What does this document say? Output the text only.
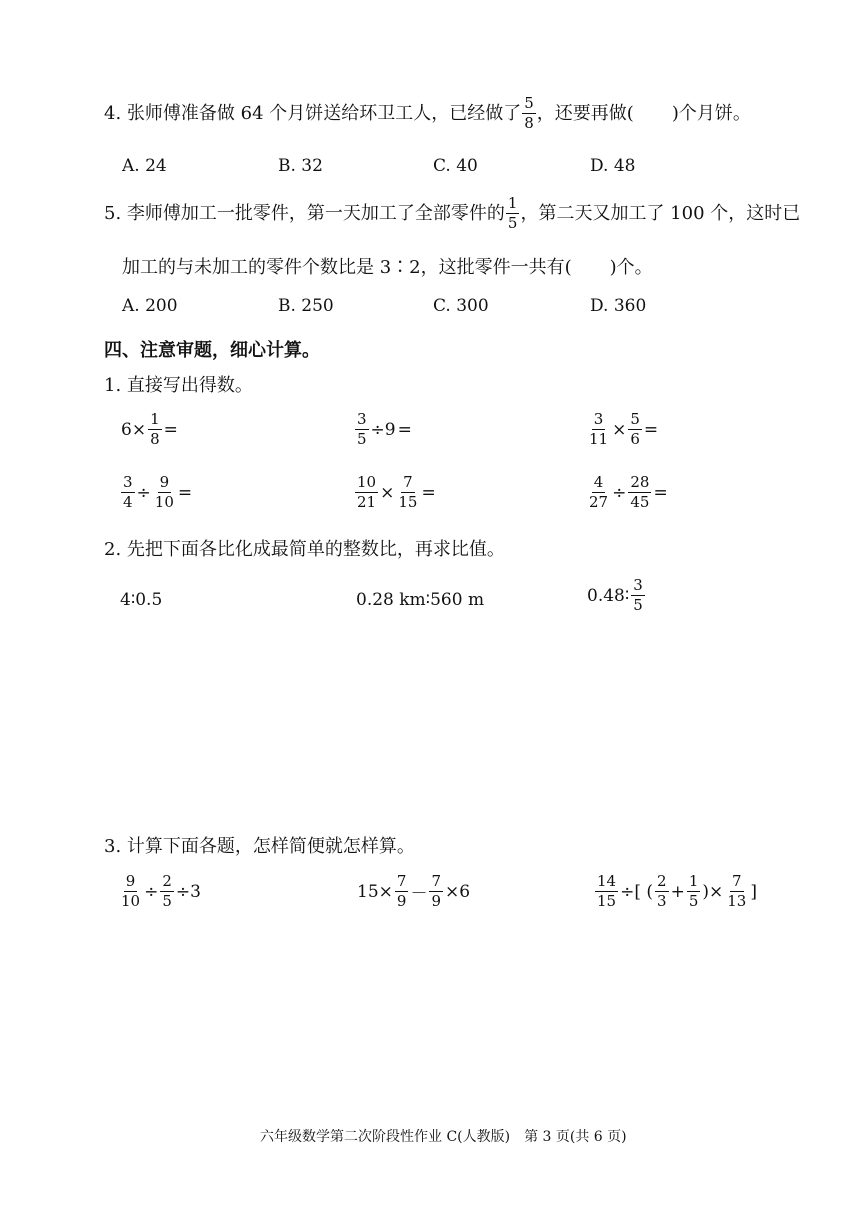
4. 张师傅准备做 64 个月饼送给环卫工人，已经做了 $\frac{5}{8}$ ，还要再做( )个月饼。
A. 24	B. 32	C. 40	D. 48
5. 李师傅加工一批零件，第一天加工了全部零件的 $\frac{1}{5}$ ，第二天又加工了 100 个，这时已
加工的与未加工的零件个数比是 3∶2，这批零件一共有( )个。
A. 200	B. 250	C. 300	D. 360
四、注意审题，细心计算。
1. 直接写出得数。
$6\times \frac{1}{8}$ =	$\frac{3}{5} \div 9$ =	$\frac{3}{11} \times \frac{5}{6}$ =
$\frac{3}{4} \div \frac{9}{10}$ =	$\frac{10}{21} \times \frac{7}{15}$ =	$\frac{4}{27} \div \frac{28}{45}$ =
2. 先把下面各比化成最简单的整数比，再求比值。
4∶0.5	0.28 km∶560 m	0.48∶ $\frac{3}{5}$
3. 计算下面各题，怎样简便就怎样算。
$\frac{9}{10} \div \frac{2}{5} \div 3$	$15\times \frac{7}{9} - \frac{7}{9} \times 6$	$\frac{14}{15}$ ÷[ ( $\frac{2}{3} + \frac{1}{5}$ )× $\frac{7}{13}$ ]
六年级数学第二次阶段性作业 C(人教版)　第 3 页(共 6 页)
